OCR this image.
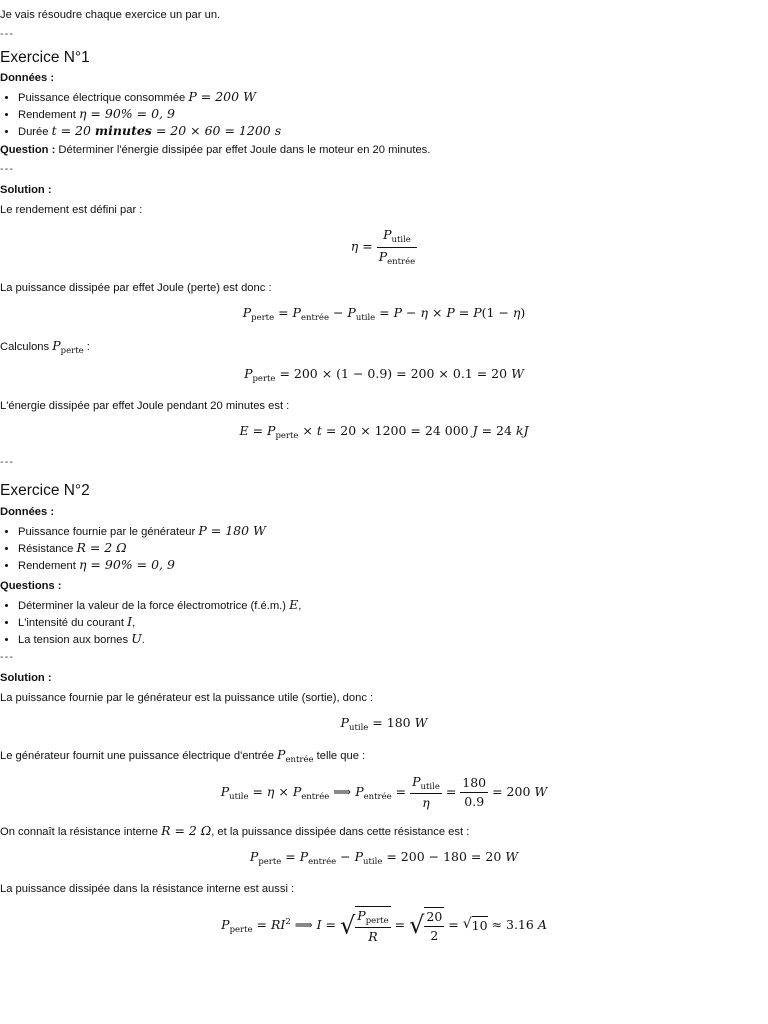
Je vais résoudre chaque exercice un par un.

---
Exercice N°1
Données :
• Puissance électrique consommée P = 200 W
• Rendement η = 90% = 0, 9
• Durée t = 20 minutes = 20 × 60 = 1200 s

Question : Déterminer l'énergie dissipée par effet Joule dans le moteur en 20 minutes.

---
Solution :

Le rendement est défini par :

$\eta = \frac{P_{utile}}{P_{entrée}}$

La puissance dissipée par effet Joule (perte) est donc :

$P_{perte} = P_{entrée} - P_{utile} = P - \eta \times P = P(1 - \eta)$

Calculons $P_{perte}$ :

$P_{perte} = 200 \times (1 - 0.9) = 200 \times 0.1 = 20$ W

L'énergie dissipée par effet Joule pendant 20 minutes est :

$E = P_{perte} \times t = 20 \times 1200 = 24$ 000 J = 24 kJ
---
Exercice N°2
Données :
• Puissance fournie par le générateur P = 180 W
• Résistance R = 2 Ω
• Rendement η = 90% = 0, 9
Questions :
• Déterminer la valeur de la force électromotrice (f.é.m.) E,
• L'intensité du courant I,
• La tension aux bornes U.
---
Solution :

La puissance fournie par le générateur est la puissance utile (sortie), donc :

$P_{utile} = 180$ W

Le générateur fournit une puissance électrique d'entrée $P_{entrée}$ telle que :

$P_{utile} = \eta \times P_{entrée}$ ⟹ $P_{entrée} = \frac{P_{utile}}{\eta} = \frac{180}{0.9} = 200$ W

On connaît la résistance interne R = 2 Ω, et la puissance dissipée dans cette résistance est :

$P_{perte} = P_{entrée} - P_{utile} = 200 - 180 = 20$ W

La puissance dissipée dans la résistance interne est aussi :

$P_{perte} = RI^2$ ⟹ I = √ $\frac{P_{perte}}{R}$ = √ $\frac{20}{2} = √10 \approx 3.16$ A
